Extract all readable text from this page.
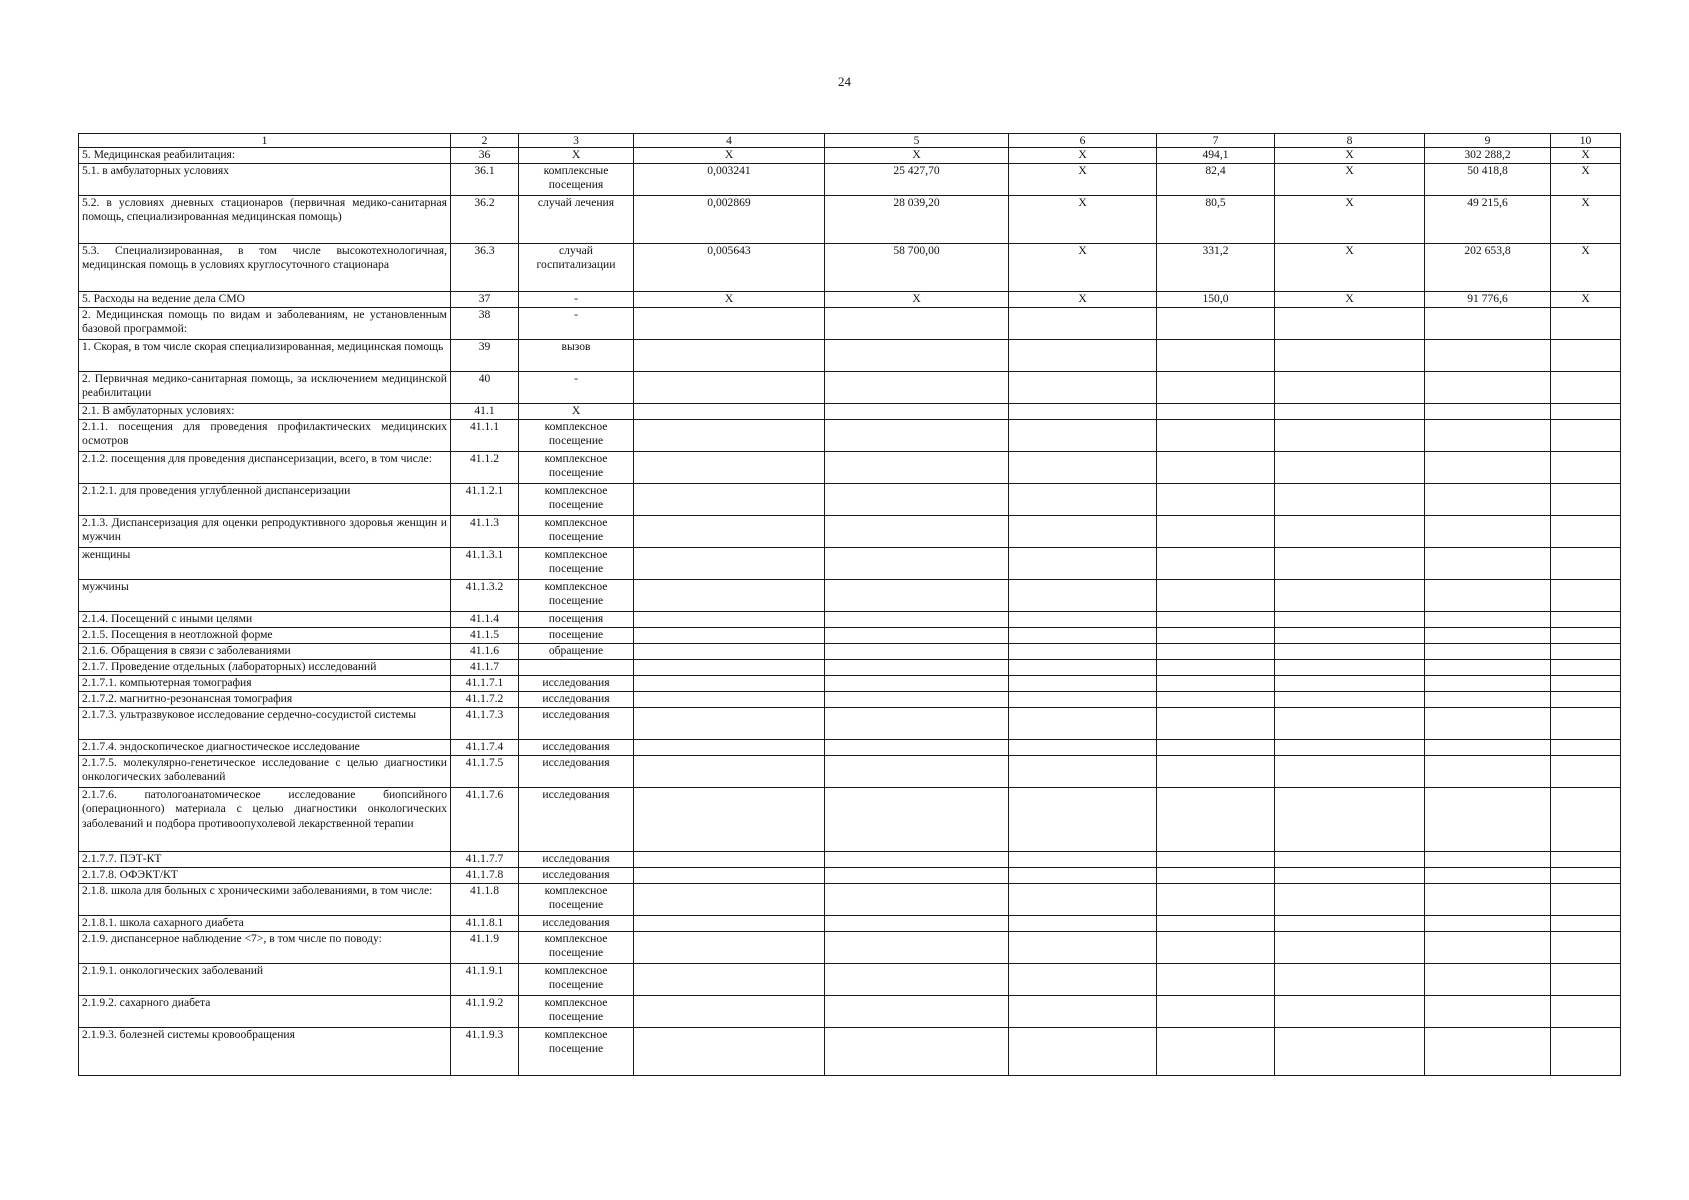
24
1	2	3	4	5	6	7	8	9	10
5. Медицинская реабилитация:	36	Х	Х	Х	Х	494,1	Х	302 288,2	Х
5.1. в амбулаторных условиях	36.1	комплексные посещения	0,003241	25 427,70	Х	82,4	Х	50 418,8	Х
5.2. в условиях дневных стационаров (первичная медико-санитарная помощь, специализированная медицинская помощь)	36.2	случай лечения	0,002869	28 039,20	Х	80,5	Х	49 215,6	Х
5.3. Специализированная, в том числе высокотехнологичная, медицинская помощь в условиях круглосуточного стационара	36.3	случай госпитализации	0,005643	58 700,00	Х	331,2	Х	202 653,8	Х
5. Расходы на ведение дела СМО	37	-	Х	Х	Х	150,0	Х	91 776,6	Х
2. Медицинская помощь по видам и заболеваниям, не установленным базовой программой:	38	-							
1. Скорая, в том числе скорая специализированная, медицинская помощь	39	вызов							
2. Первичная медико-санитарная помощь, за исключением медицинской реабилитации	40	-							
2.1. В амбулаторных условиях:	41.1	Х							
2.1.1. посещения для проведения профилактических медицинских осмотров	41.1.1	комплексное посещение							
2.1.2. посещения для проведения диспансеризации, всего, в том числе:	41.1.2	комплексное посещение							
2.1.2.1. для проведения углубленной диспансеризации	41.1.2.1	комплексное посещение							
2.1.3. Диспансеризация для оценки репродуктивного здоровья женщин и мужчин	41.1.3	комплексное посещение							
женщины	41.1.3.1	комплексное посещение							
мужчины	41.1.3.2	комплексное посещение							
2.1.4. Посещений с иными целями	41.1.4	посещения							
2.1.5. Посещения в неотложной форме	41.1.5	посещение							
2.1.6. Обращения в связи с заболеваниями	41.1.6	обращение							
2.1.7. Проведение отдельных (лабораторных) исследований	41.1.7								
2.1.7.1. компьютерная томография	41.1.7.1	исследования							
2.1.7.2. магнитно-резонансная томография	41.1.7.2	исследования							
2.1.7.3. ультразвуковое исследование сердечно-сосудистой системы	41.1.7.3	исследования							
2.1.7.4. эндоскопическое диагностическое исследование	41.1.7.4	исследования							
2.1.7.5. молекулярно-генетическое исследование с целью диагностики онкологических заболеваний	41.1.7.5	исследования							
2.1.7.6. патологоанатомическое исследование биопсийного (операционного) материала с целью диагностики онкологических заболеваний и подбора противоопухолевой лекарственной терапии	41.1.7.6	исследования							
2.1.7.7. ПЭТ-КТ	41.1.7.7	исследования							
2.1.7.8. ОФЭКТ/КТ	41.1.7.8	исследования							
2.1.8. школа для больных с хроническими заболеваниями, в том числе:	41.1.8	комплексное посещение							
2.1.8.1. школа сахарного диабета	41.1.8.1	исследования							
2.1.9. диспансерное наблюдение <7>, в том числе по поводу:	41.1.9	комплексное посещение							
2.1.9.1. онкологических заболеваний	41.1.9.1	комплексное посещение							
2.1.9.2. сахарного диабета	41.1.9.2	комплексное посещение							
2.1.9.3. болезней системы кровообращения	41.1.9.3	комплексное посещение							
